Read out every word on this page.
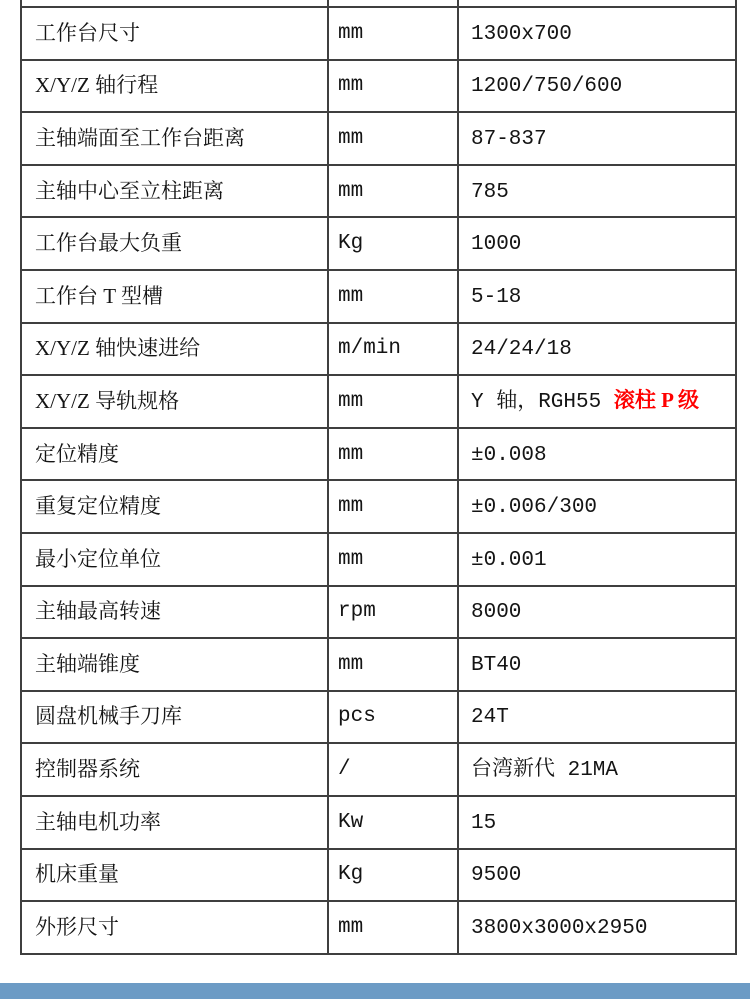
工作台尺寸	mm	1300x700
X/Y/Z 轴行程	mm	1200/750/600
主轴端面至工作台距离	mm	87-837
主轴中心至立柱距离	mm	785
工作台最大负重	Kg	1000
工作台 T 型槽	mm	5-18
X/Y/Z 轴快速进给	m/min	24/24/18
X/Y/Z 导轨规格	mm	Y 轴，RGH55 滚柱 P 级
定位精度	mm	±0.008
重复定位精度	mm	±0.006/300
最小定位单位	mm	±0.001
主轴最高转速	rpm	8000
主轴端锥度	mm	BT40
圆盘机械手刀库	pcs	24T
控制器系统	/	台湾新代 21MA
主轴电机功率	Kw	15
机床重量	Kg	9500
外形尺寸	mm	3800x3000x2950
